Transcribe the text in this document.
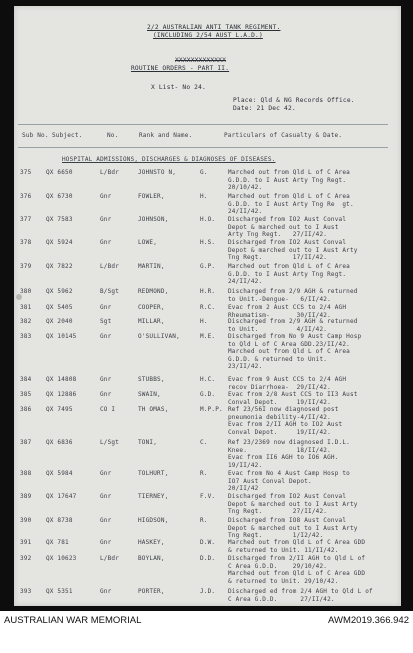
2/2 AUSTRALIAN ANTI TANK REGIMENT.
(INCLUDING 2/54 AUST L.A.D.)
XXXXXXXXXXXXX
ROUTINE ORDERS - PART II.
X List- No 24.
Place: Qld & NG Records Office.
Date: 21 Dec 42.
Sub No. Subject.	No.	Rank and Name.	Particulars of Casualty & Date.
HOSPITAL ADMISSIONS, DISCHARGES & DIAGNOSES OF DISEASES.
375 QX 6650	L/Bdr	JOHNSTO N,	G.	Marched out from Qld L of C Area
G.D.D. to I Aust Arty Tng Regt.
20/10/42.
376 QX 6730	Gnr	FOWLER,	H.	Marched out from Qld L of C Area
G.D.D. to I Aust Arty Tng Re  gt.
24/II/42.
377 QX 7583	Gnr	JOHNSON,	H.O. Discharged from IO2 Aust Conval
Depot & marched out to I Aust
Arty Tng Regt.   27/II/42.
378 QX 5924	Gnr	LOWE,	H.S. Discharged from IO2 Aust Conval
Depot & marched out to I Aust Arty
Tng Regt.        17/II/42.
379 QX 7822	L/Bdr	MARTIN,	G.P. Marched out from Qld L of C Area
G.D.D. to I Aust Arty Tng Regt.
24/II/42.
380 QX 5962	B/Sgt	REDMOND,	H.R. Discharged from 2/9 AGH & returned
to Unit.-Dengue-   6/II/42.
381 QX 5405	Gnr	COOPER,	R.C. Evac from 2 Aust CCS to 2/4 AGH
Rheumatism-       30/II/42.
382 QX 2040	Sgt	MILLAR,	H.	Discharged from 2/9 AGH & returned
to Unit.          4/II/42.
383 QX 10145	Gnr	O'SULLIVAN,	M.E. Discharged from No 9 Aust Camp Hosp
to Qld L of C Area GDD.23/II/42.
Marched out from Qld L of C Area
G.D.D. & returned to Unit.
23/II/42.
384 QX 14808	Gnr	STUBBS,	H.C. Evac from 9 Aust CCS to 2/4 AGH
recov Diarrhoea-  29/II/42.
385 QX 12886	Gnr	SWAIN,	G.D. Evac from 2/8 Aust CCS to II3 Aust
Conval Depot.     19/II/42.
386 QX 7495	CO I	TH OMAS,	M.P.P. Ref 23/56I now diagnosed post
pneumonia debility-4/II/42.
Evac from 2/II AGH to IO2 Aust
Conval Depot.     19/II/42.
387 QX 6836	L/Sgt	TONI,	C.	Ref 23/2369 now diagnosed I.D.L.
Knee.             18/II/42.
Evac from II6 AGH to IO6 AGH.
19/II/42.
388 QX 5984	Gnr	TOLHURT,	R.	Evac from No 4 Aust Camp Hosp to
IO7 Aust Conval Depot.
20/II/42
389 QX 17647	Gnr	TIERNEY,	F.V. Discharged from IO2 Aust Conval
Depot & marched out to I Aust Arty
Tng Regt.        27/II/42.
390 QX 8738	Gnr	HIGDSON,	R.	Discharged from IO8 Aust Conval
Depot & marched out to I Aust Arty
Tng Regt.        1/I2/42.
391 QX 781	Gnr	HASKEY,	D.W. Marched out from Qld L of C Area GDD
& returned to Unit. 11/II/42.
392 QX 10623	L/Bdr	BOYLAN,	D.D. Discharged from 2/II AGH to Qld L of
C Area G.D.D.    29/10/42.
Marched out from Qld L of C Area GDD
& returned to Unit. 29/10/42.
393 QX 5351	Gnr	PORTER,	J.D. Discharged ed from 2/4 AGH to Qld L of
C Area G.D.D.      27/II/42.
AUSTRALIAN WAR MEMORIAL	AWM2019.366.942
